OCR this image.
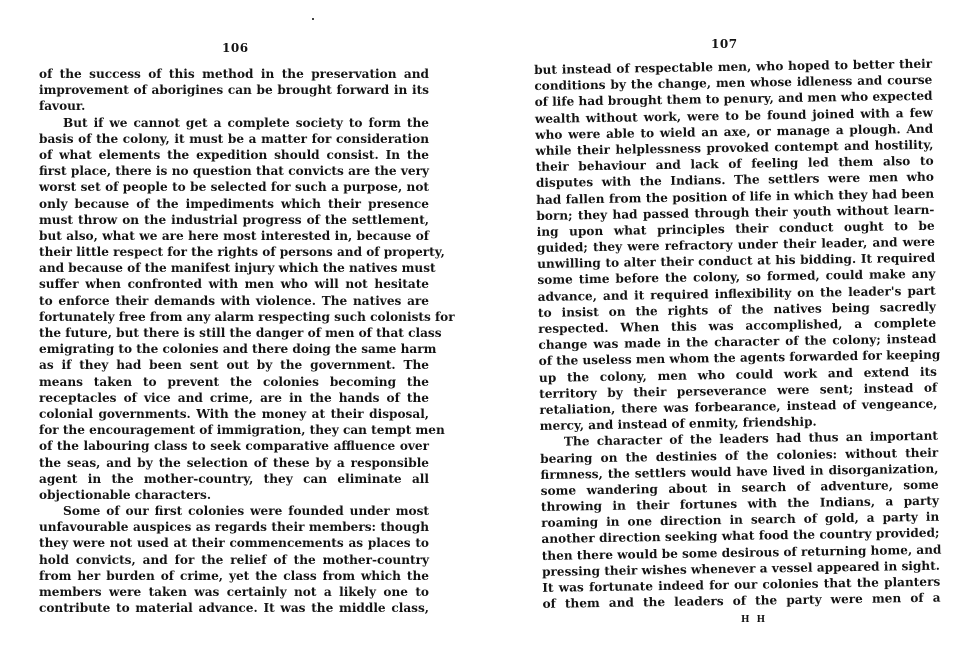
106
of the success of this method in the preservation and
improvement of aborigines can be brought forward in its
favour.
But if we cannot get a complete society to form the
basis of the colony, it must be a matter for consideration
of what elements the expedition should consist. In the
first place, there is no question that convicts are the very
worst set of people to be selected for such a purpose, not
only because of the impediments which their presence
must throw on the industrial progress of the settlement,
but also, what we are here most interested in, because of
their little respect for the rights of persons and of property,
and because of the manifest injury which the natives must
suffer when confronted with men who will not hesitate
to enforce their demands with violence. The natives are
fortunately free from any alarm respecting such colonists for
the future, but there is still the danger of men of that class
emigrating to the colonies and there doing the same harm
as if they had been sent out by the government. The
means taken to prevent the colonies becoming the
receptacles of vice and crime, are in the hands of the
colonial governments. With the money at their disposal,
for the encouragement of immigration, they can tempt men
of the labouring class to seek comparative affluence over
the seas, and by the selection of these by a responsible
agent in the mother-country, they can eliminate all
objectionable characters.
Some of our first colonies were founded under most
unfavourable auspices as regards their members: though
they were not used at their commencements as places to
hold convicts, and for the relief of the mother-country
from her burden of crime, yet the class from which the
members were taken was certainly not a likely one to
contribute to material advance. It was the middle class,
107
but instead of respectable men, who hoped to better their
conditions by the change, men whose idleness and course
of life had brought them to penury, and men who expected
wealth without work, were to be found joined with a few
who were able to wield an axe, or manage a plough. And
while their helplessness provoked contempt and hostility,
their behaviour and lack of feeling led them also to
disputes with the Indians. The settlers were men who
had fallen from the position of life in which they had been
born; they had passed through their youth without learn-
ing upon what principles their conduct ought to be
guided; they were refractory under their leader, and were
unwilling to alter their conduct at his bidding. It required
some time before the colony, so formed, could make any
advance, and it required inflexibility on the leader's part
to insist on the rights of the natives being sacredly
respected. When this was accomplished, a complete
change was made in the character of the colony; instead
of the useless men whom the agents forwarded for keeping
up the colony, men who could work and extend its
territory by their perseverance were sent; instead of
retaliation, there was forbearance, instead of vengeance,
mercy, and instead of enmity, friendship.
The character of the leaders had thus an important
bearing on the destinies of the colonies: without their
firmness, the settlers would have lived in disorganization,
some wandering about in search of adventure, some
throwing in their fortunes with the Indians, a party
roaming in one direction in search of gold, a party in
another direction seeking what food the country provided;
then there would be some desirous of returning home, and
pressing their wishes whenever a vessel appeared in sight.
It was fortunate indeed for our colonies that the planters
of them and the leaders of the party were men of a
H H
